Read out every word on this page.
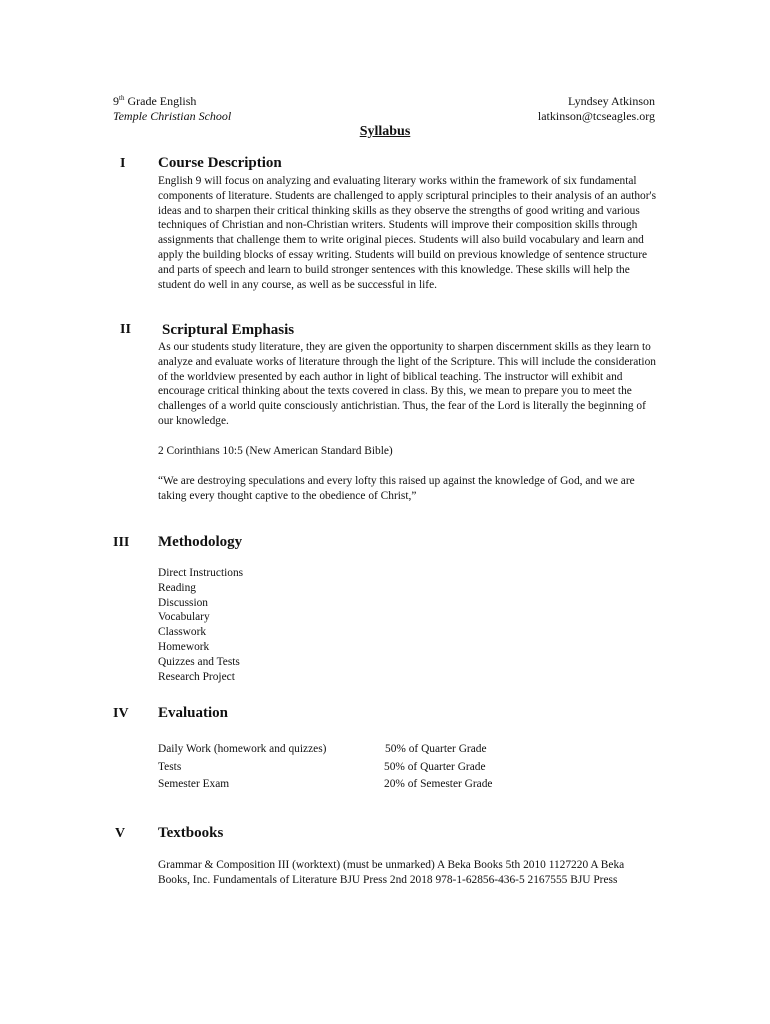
9th Grade English
Temple Christian School
Lyndsey Atkinson
latkinson@tcseagles.org
Syllabus
I Course Description
English 9 will focus on analyzing and evaluating literary works within the framework of six fundamental components of literature. Students are challenged to apply scriptural principles to their analysis of an author's ideas and to sharpen their critical thinking skills as they observe the strengths of good writing and various techniques of Christian and non-Christian writers. Students will improve their composition skills through assignments that challenge them to write original pieces. Students will also build vocabulary and learn and apply the building blocks of essay writing. Students will build on previous knowledge of sentence structure and parts of speech and learn to build stronger sentences with this knowledge. These skills will help the student do well in any course, as well as be successful in life.
II Scriptural Emphasis
As our students study literature, they are given the opportunity to sharpen discernment skills as they learn to analyze and evaluate works of literature through the light of the Scripture. This will include the consideration of the worldview presented by each author in light of biblical teaching. The instructor will exhibit and encourage critical thinking about the texts covered in class. By this, we mean to prepare you to meet the challenges of a world quite consciously antichristian. Thus, the fear of the Lord is literally the beginning of our knowledge.
2 Corinthians 10:5 (New American Standard Bible)
“We are destroying speculations and every lofty this raised up against the knowledge of God, and we are taking every thought captive to the obedience of Christ,”
III Methodology
Direct Instructions
Reading
Discussion
Vocabulary
Classwork
Homework
Quizzes and Tests
Research Project
IV Evaluation
Daily Work (homework and quizzes)	50% of Quarter Grade
Tests	50% of Quarter Grade
Semester Exam	20% of Semester Grade
V Textbooks
Grammar & Composition III (worktext) (must be unmarked) A Beka Books 5th 2010 1127220 A Beka Books, Inc. Fundamentals of Literature BJU Press 2nd 2018 978-1-62856-436-5 2167555 BJU Press
